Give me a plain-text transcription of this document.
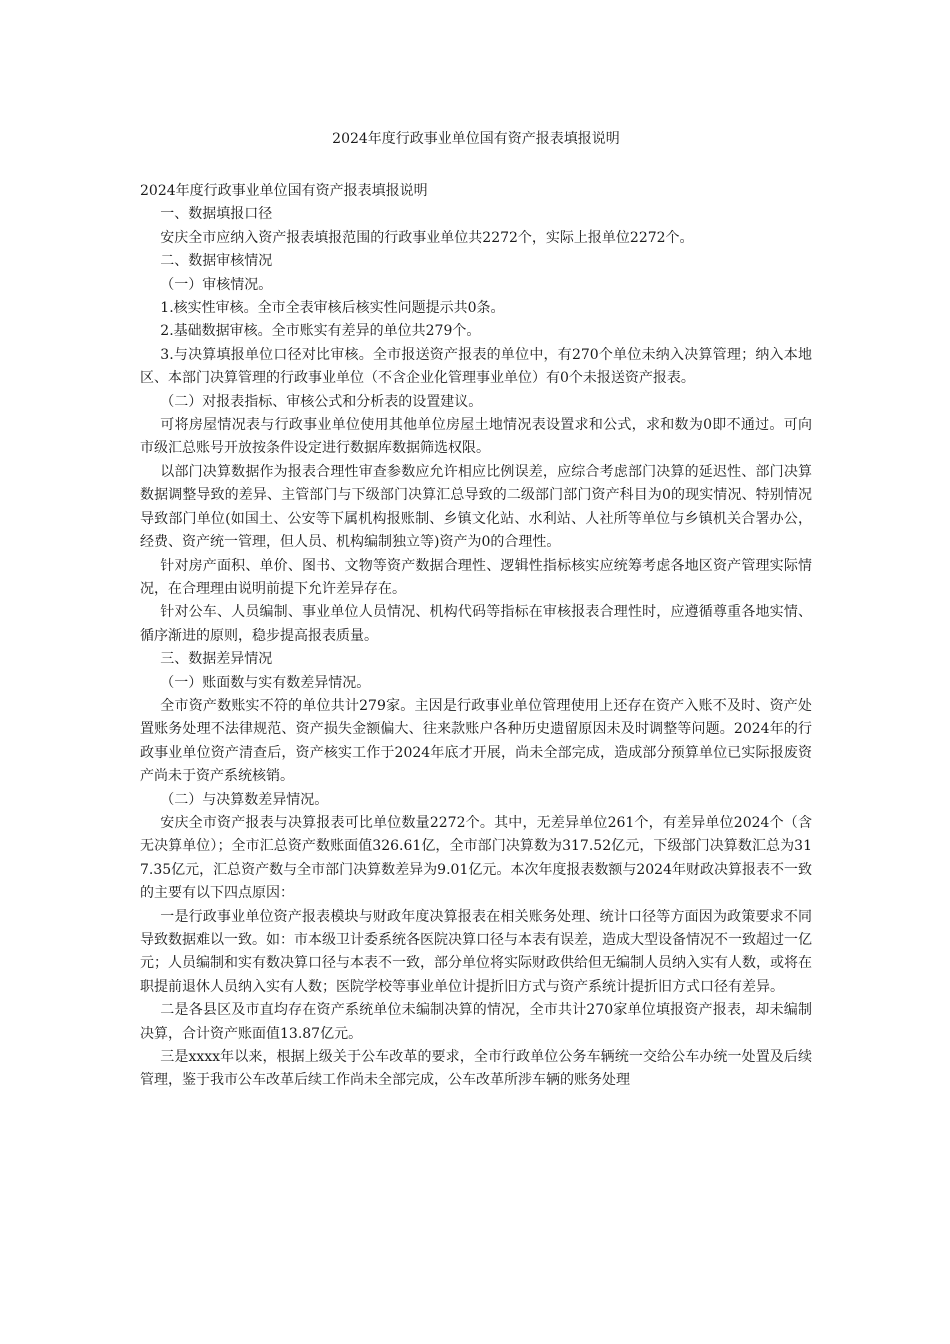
2024年度行政事业单位国有资产报表填报说明

2024年度行政事业单位国有资产报表填报说明

一、数据填报口径

安庆全市应纳入资产报表填报范围的行政事业单位共2272个，实际上报单位2272个。

二、数据审核情况

（一）审核情况。

1.核实性审核。全市全表审核后核实性问题提示共0条。

2.基础数据审核。全市账实有差异的单位共279个。

3.与决算填报单位口径对比审核。全市报送资产报表的单位中，有270个单位未纳入决算管理；纳入本地区、本部门决算管理的行政事业单位（不含企业化管理事业单位）有0个未报送资产报表。

（二）对报表指标、审核公式和分析表的设置建议。

可将房屋情况表与行政事业单位使用其他单位房屋土地情况表设置求和公式，求和数为0即不通过。可向市级汇总账号开放按条件设定进行数据库数据筛选权限。

以部门决算数据作为报表合理性审查参数应允许相应比例误差，应综合考虑部门决算的延迟性、部门决算数据调整导致的差异、主管部门与下级部门决算汇总导致的二级部门部门资产科目为0的现实情况、特别情况导致部门单位(如国土、公安等下属机构报账制、乡镇文化站、水利站、人社所等单位与乡镇机关合署办公，经费、资产统一管理，但人员、机构编制独立等)资产为0的合理性。

针对房产面积、单价、图书、文物等资产数据合理性、逻辑性指标核实应统筹考虑各地区资产管理实际情况，在合理理由说明前提下允许差异存在。

针对公车、人员编制、事业单位人员情况、机构代码等指标在审核报表合理性时，应遵循尊重各地实情、循序渐进的原则，稳步提高报表质量。

三、数据差异情况

（一）账面数与实有数差异情况。

全市资产数账实不符的单位共计279家。主因是行政事业单位管理使用上还存在资产入账不及时、资产处置账务处理不法律规范、资产损失金额偏大、往来款账户各种历史遗留原因未及时调整等问题。2024年的行政事业单位资产清查后，资产核实工作于2024年底才开展，尚未全部完成，造成部分预算单位已实际报废资产尚未于资产系统核销。

（二）与决算数差异情况。

安庆全市资产报表与决算报表可比单位数量2272个。其中，无差异单位261个，有差异单位2024个（含无决算单位）；全市汇总资产数账面值326.61亿，全市部门决算数为317.52亿元，下级部门决算数汇总为317.35亿元，汇总资产数与全市部门决算数差异为9.01亿元。本次年度报表数额与2024年财政决算报表不一致的主要有以下四点原因：

一是行政事业单位资产报表模块与财政年度决算报表在相关账务处理、统计口径等方面因为政策要求不同导致数据难以一致。如：市本级卫计委系统各医院决算口径与本表有误差，造成大型设备情况不一致超过一亿元；人员编制和实有数决算口径与本表不一致，部分单位将实际财政供给但无编制人员纳入实有人数，或将在职提前退休人员纳入实有人数；医院学校等事业单位计提折旧方式与资产系统计提折旧方式口径有差异。

二是各县区及市直均存在资产系统单位未编制决算的情况，全市共计270家单位填报资产报表，却未编制决算，合计资产账面值13.87亿元。

三是xxxx年以来，根据上级关于公车改革的要求，全市行政单位公务车辆统一交给公车办统一处置及后续管理，鉴于我市公车改革后续工作尚未全部完成，公车改革所涉车辆的账务处理
